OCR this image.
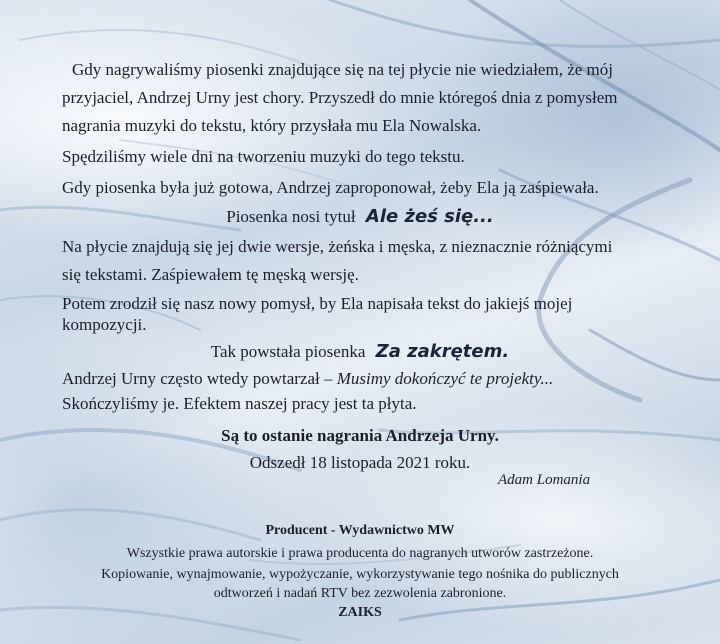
Gdy nagrywaliśmy piosenki znajdujące się na tej płycie nie wiedziałem, że mój
przyjaciel, Andrzej Urny jest chory. Przyszedł do mnie któregoś dnia z pomysłem
nagrania muzyki do tekstu, który przysłała mu Ela Nowalska.
Spędziliśmy wiele dni na tworzeniu muzyki do tego tekstu.
Gdy piosenka była już gotowa, Andrzej zaproponował, żeby Ela ją zaśpiewała.
Piosenka nosi tytuł Ale żeś się...
Na płycie znajdują się jej dwie wersje, żeńska i męska, z nieznacznie różniącymi
się tekstami. Zaśpiewałem tę męską wersję.
Potem zrodził się nasz nowy pomysł, by Ela napisała tekst do jakiejś mojej
kompozycji.
Tak powstała piosenka Za zakrętem.
Andrzej Urny często wtedy powtarzał – Musimy dokończyć te projekty...
Skończyliśmy je. Efektem naszej pracy jest ta płyta.
Są to ostanie nagrania Andrzeja Urny.
Odszedł 18 listopada 2021 roku.
Adam Lomania
Producent - Wydawnictwo MW
Wszystkie prawa autorskie i prawa producenta do nagranych utworów zastrzeżone.
Kopiowanie, wynajmowanie, wypożyczanie, wykorzystywanie tego nośnika do publicznych
odtworzeń i nadań RTV bez zezwolenia zabronione.
ZAIKS
